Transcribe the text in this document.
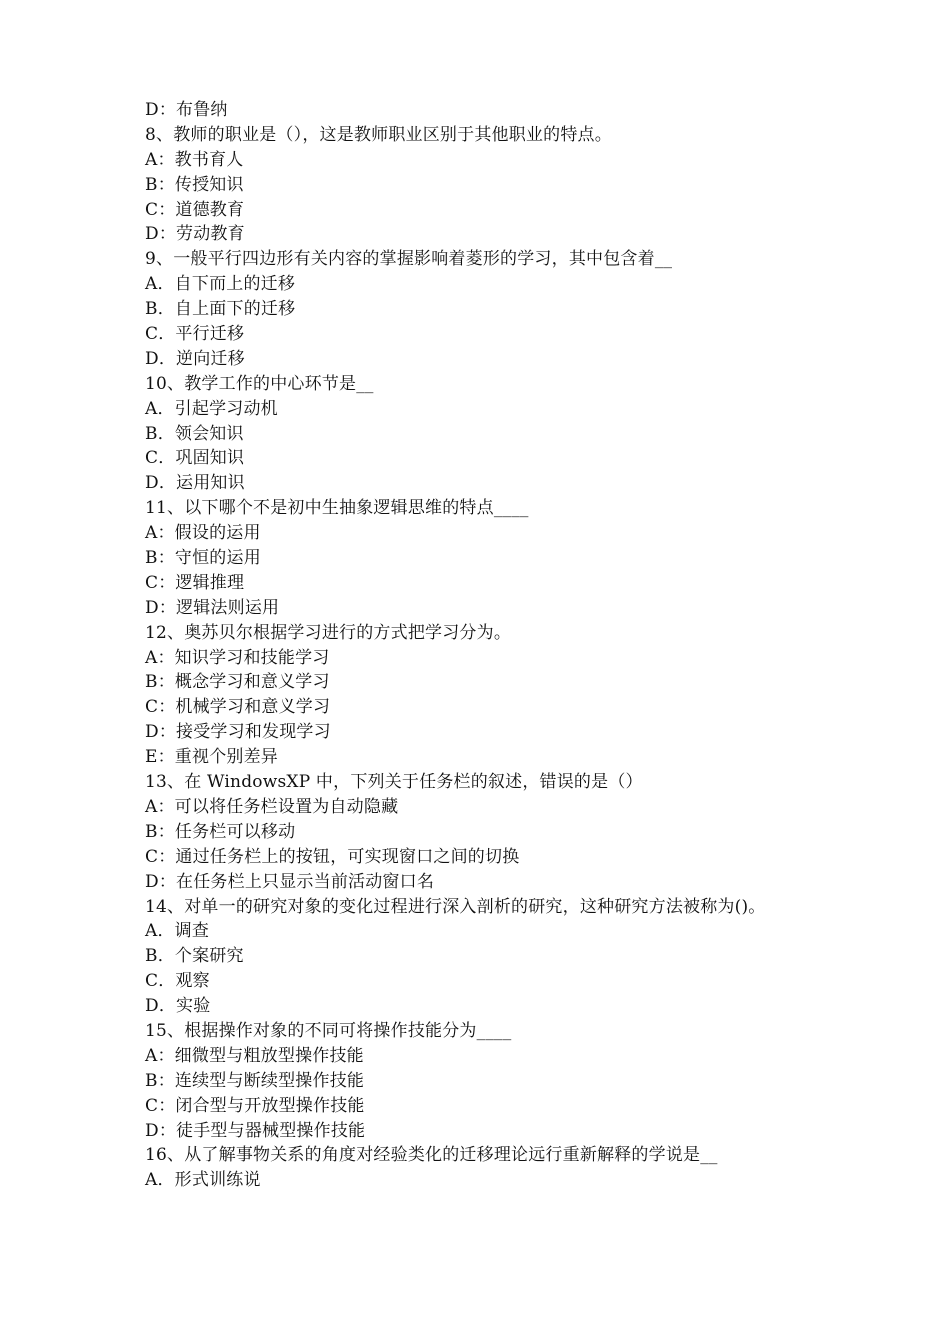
D：布鲁纳
8、教师的职业是（），这是教师职业区别于其他职业的特点。
A：教书育人
B：传授知识
C：道德教育
D：劳动教育
9、一般平行四边形有关内容的掌握影响着菱形的学习，其中包含着__
A．自下而上的迁移
B．自上面下的迁移
C．平行迁移
D．逆向迁移
10、教学工作的中心环节是__
A．引起学习动机
B．领会知识
C．巩固知识
D．运用知识
11、以下哪个不是初中生抽象逻辑思维的特点____
A：假设的运用
B：守恒的运用
C：逻辑推理
D：逻辑法则运用
12、奥苏贝尔根据学习进行的方式把学习分为。
A：知识学习和技能学习
B：概念学习和意义学习
C：机械学习和意义学习
D：接受学习和发现学习
E：重视个别差异
13、在 WindowsXP 中，下列关于任务栏的叙述，错误的是（）
A：可以将任务栏设置为自动隐藏
B：任务栏可以移动
C：通过任务栏上的按钮，可实现窗口之间的切换
D：在任务栏上只显示当前活动窗口名
14、对单一的研究对象的变化过程进行深入剖析的研究，这种研究方法被称为()。
A．调查
B．个案研究
C．观察
D．实验
15、根据操作对象的不同可将操作技能分为____
A：细微型与粗放型操作技能
B：连续型与断续型操作技能
C：闭合型与开放型操作技能
D：徒手型与器械型操作技能
16、从了解事物关系的角度对经验类化的迁移理论远行重新解释的学说是__
A．形式训练说
